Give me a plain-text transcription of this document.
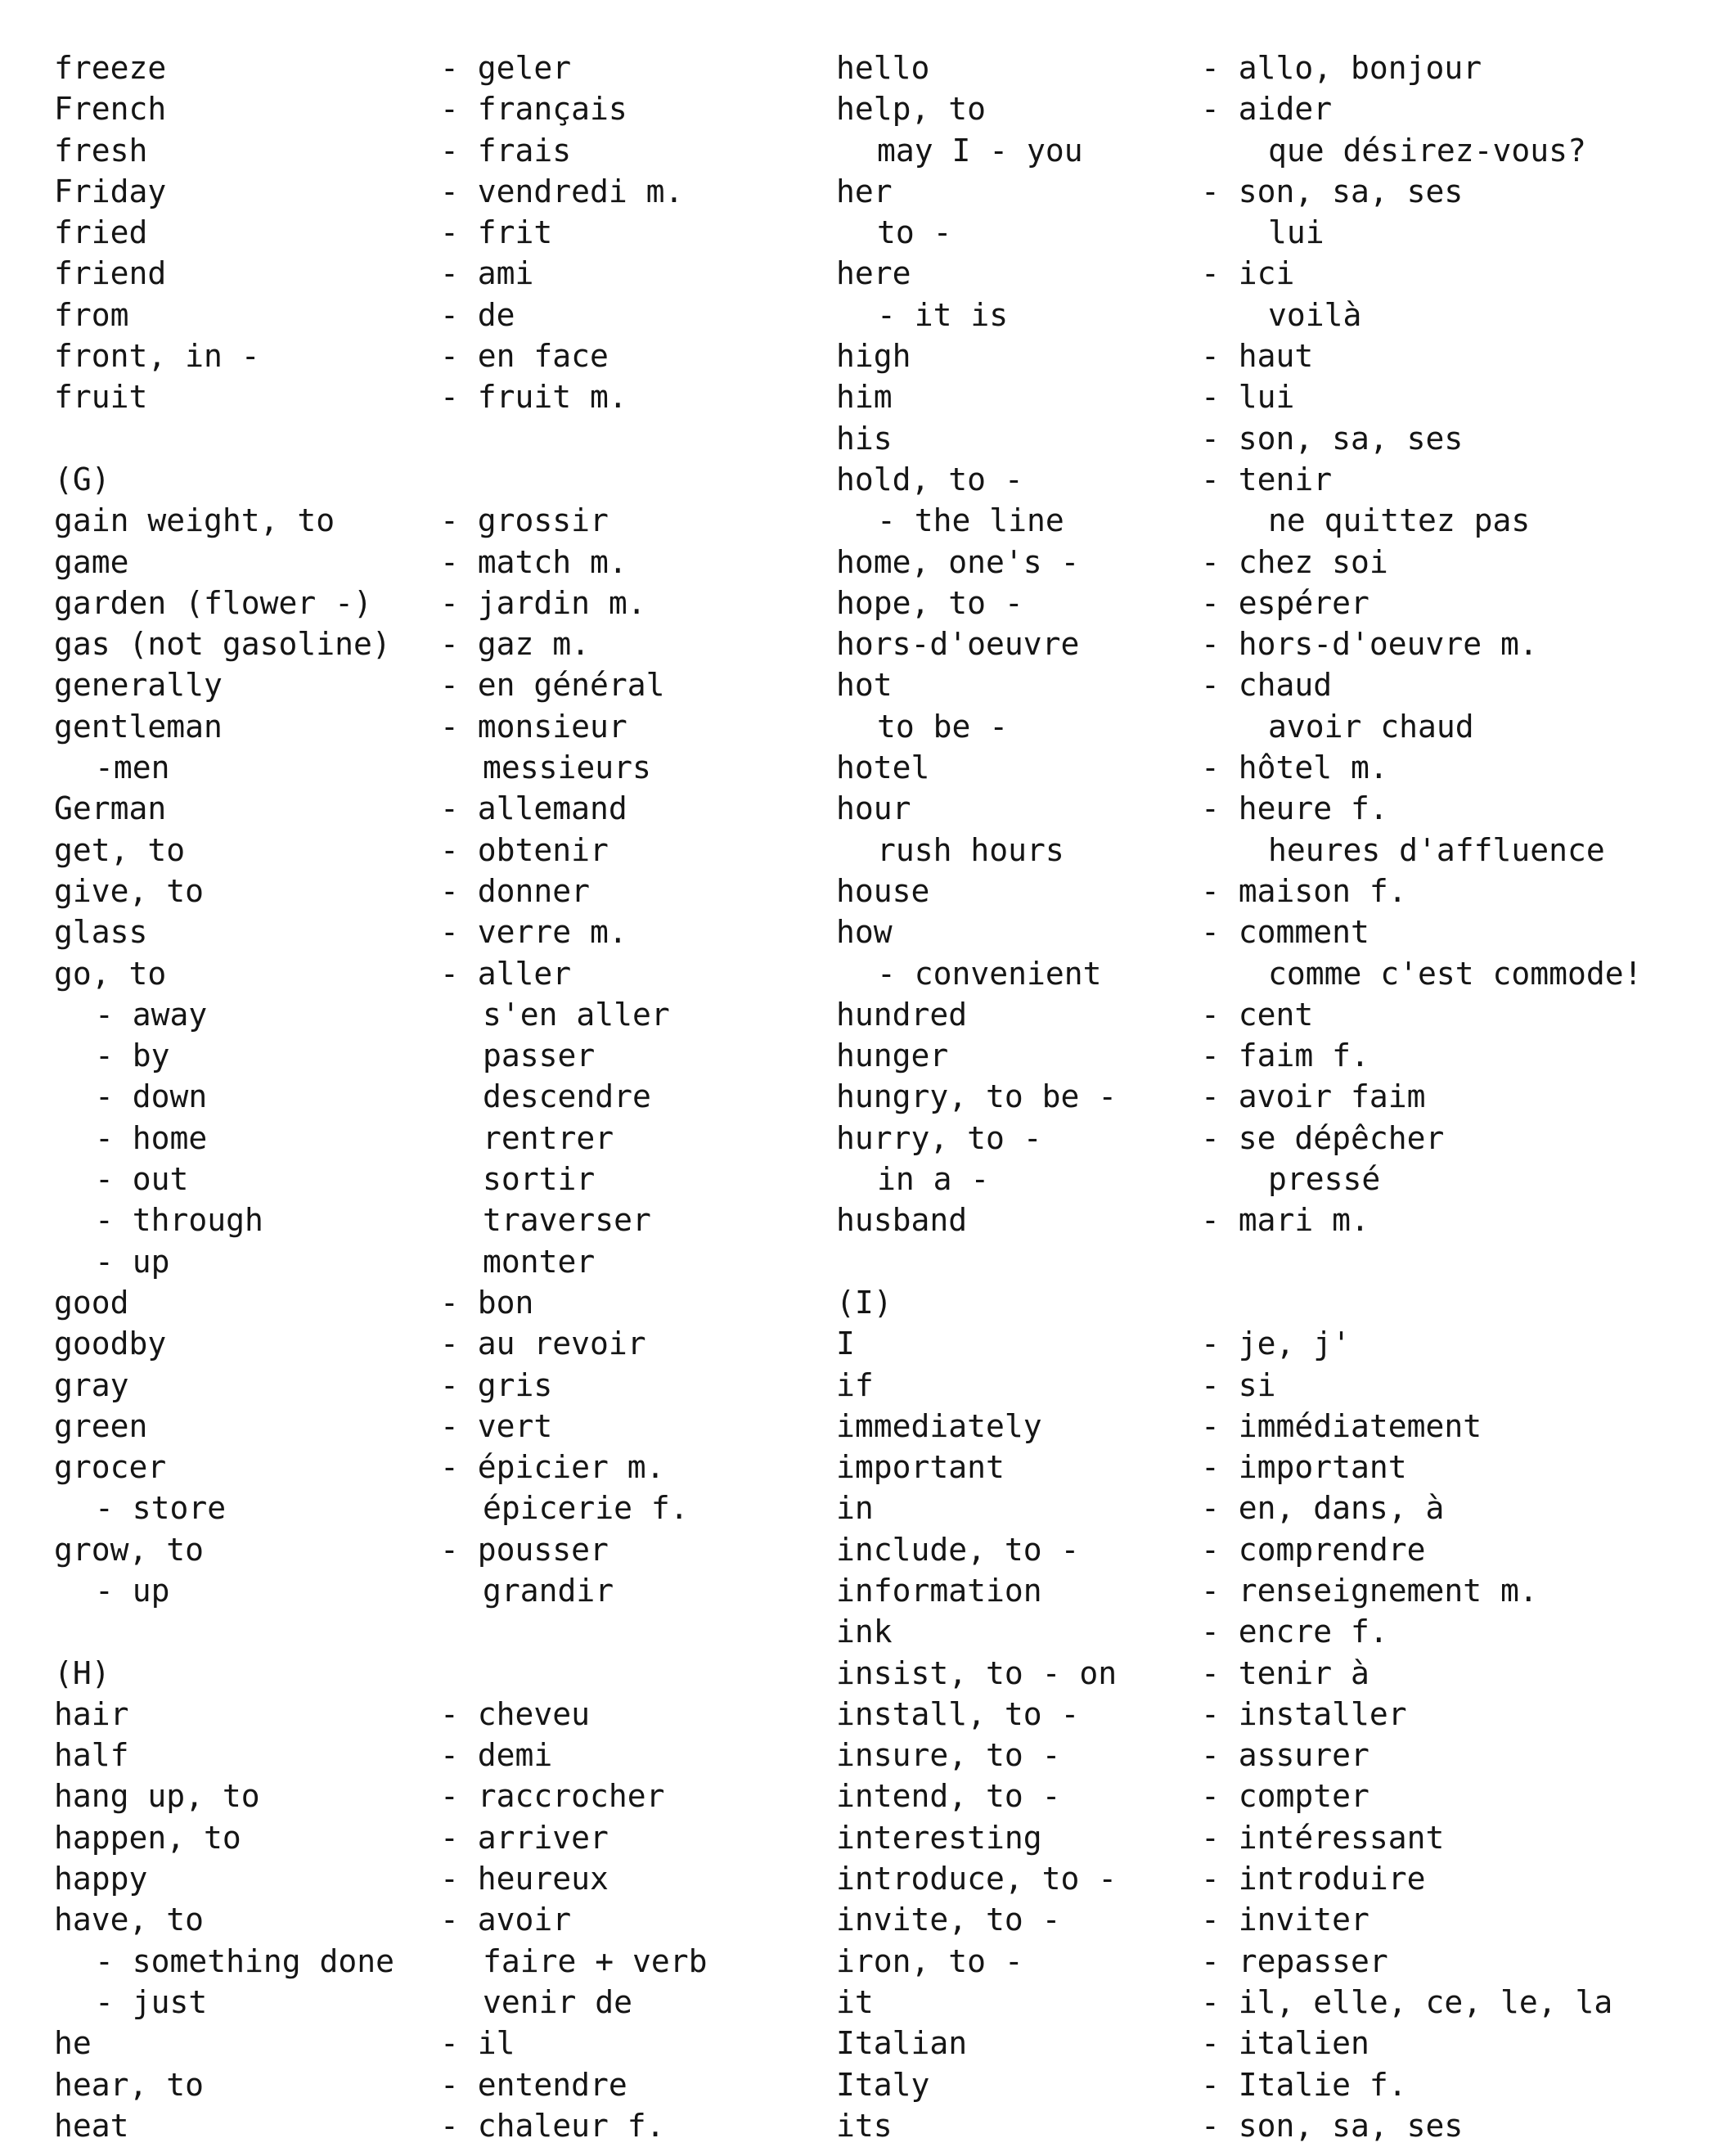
freeze	- geler
French	- français
fresh	- frais
Friday	- vendredi m.
fried	- frit
friend	- ami
from	- de
front, in -	- en face
fruit	- fruit m.
(G)
gain weight, to	- grossir
game	- match m.
garden (flower -) - jardin m.
gas (not gasoline) - gaz m.
generally	- en général
gentleman	- monsieur
-men	messieurs
German	- allemand
get, to	- obtenir
give, to	- donner
glass	- verre m.
go, to	- aller
- away	s'en aller
- by	passer
- down	descendre
- home	rentrer
- out	sortir
- through	traverser
- up	monter
good	- bon
goodby	- au revoir
gray	- gris
green	- vert
grocer	- épicier m.
- store	épicerie f.
grow, to	- pousser
- up	grandir
(H)
hair	- cheveu
half	- demi
hang up, to	- raccrocher
happen, to	- arriver
happy	- heureux
have, to	- avoir
- something done	faire + verb
- just	venir de
he	- il
hear, to	- entendre
heat	- chaleur f.
hello	- allo, bonjour
help, to	- aider
may I - you	que désirez-vous?
her	- son, sa, ses
to -	lui
here	- ici
- it is	voilà
high	- haut
him	- lui
his	- son, sa, ses
hold, to -	- tenir
- the line	ne quittez pas
home, one's -	- chez soi
hope, to -	- espérer
hors-d'oeuvre	- hors-d'oeuvre m.
hot	- chaud
to be -	avoir chaud
hotel	- hôtel m.
hour	- heure f.
rush hours	heures d'affluence
house	- maison f.
how	- comment
- convenient	comme c'est commode!
hundred	- cent
hunger	- faim f.
hungry, to be -	- avoir faim
hurry, to -	- se dépêcher
in a -	pressé
husband	- mari m.
(I)
I	- je, j'
if	- si
immediately	- immédiatement
important	- important
in	- en, dans, à
include, to -	- comprendre
information	- renseignement m.
ink	- encre f.
insist, to - on	- tenir à
install, to -	- installer
insure, to -	- assurer
intend, to -	- compter
interesting	- intéressant
introduce, to -	- introduire
invite, to -	- inviter
iron, to -	- repasser
it	- il, elle, ce, le, la
Italian	- italien
Italy	- Italie f.
its	- son, sa, ses
